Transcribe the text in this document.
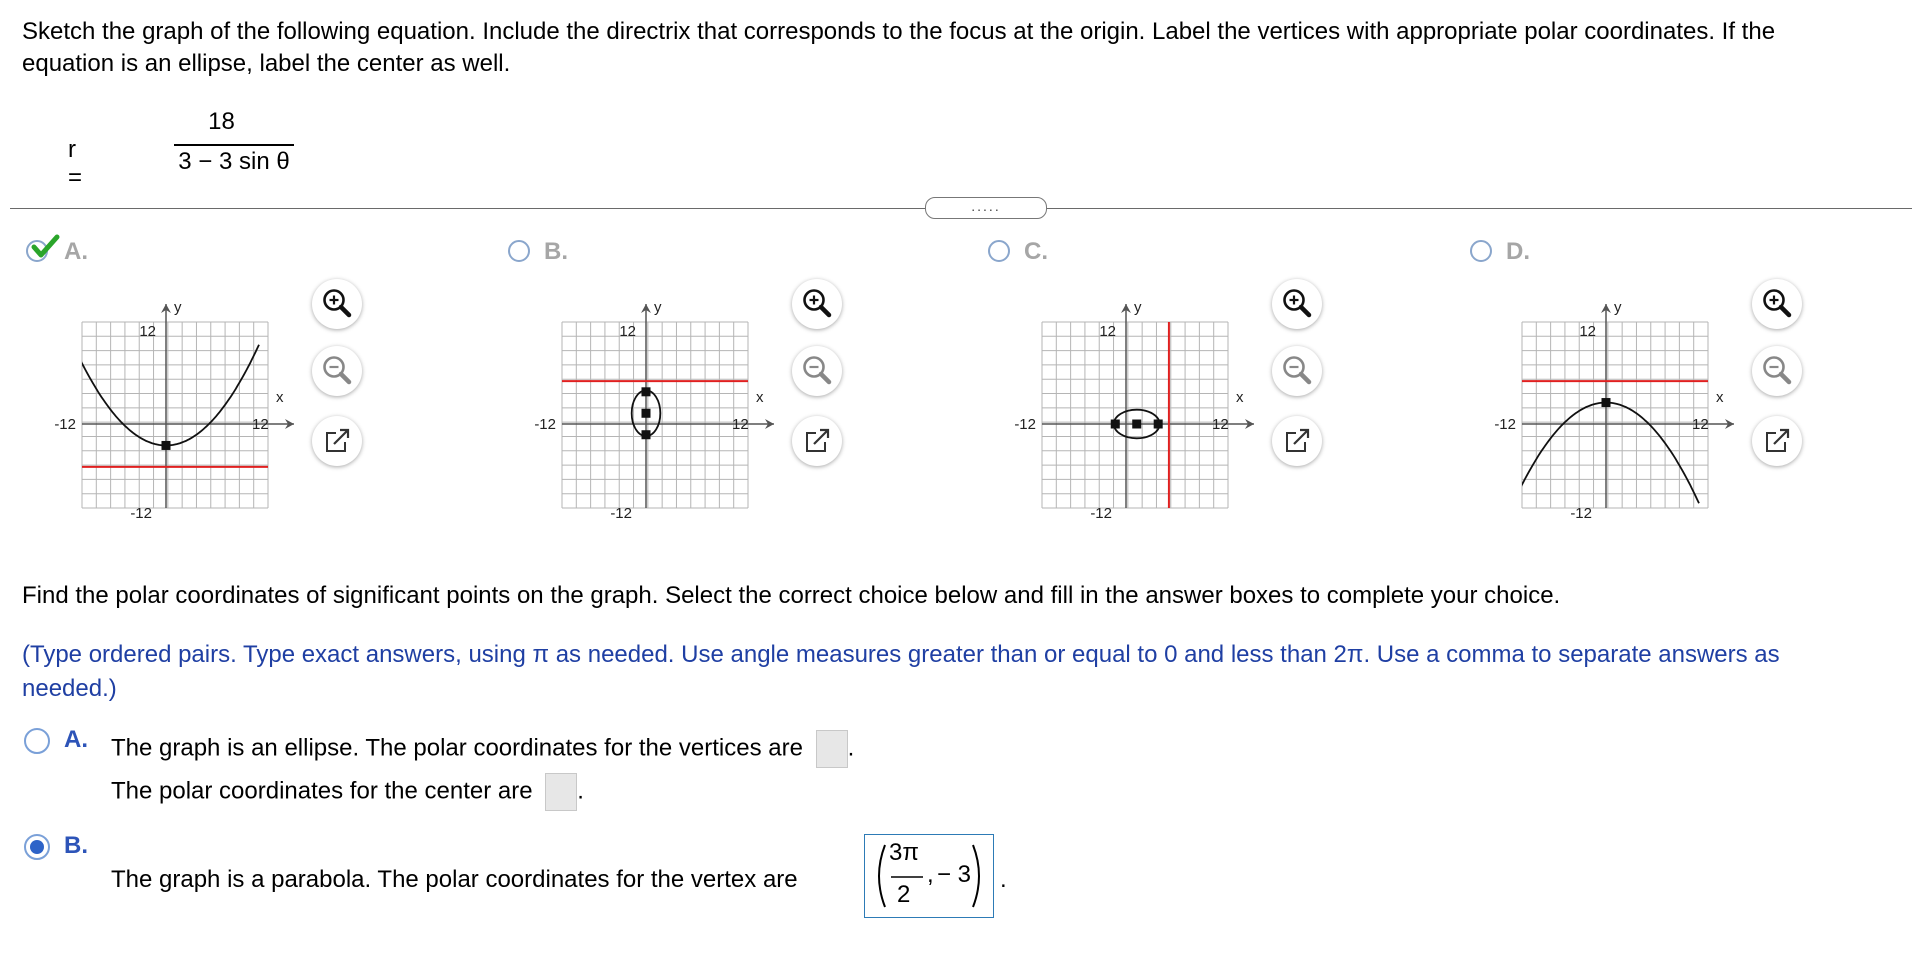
Sketch the graph of the following equation. Include the directrix that corresponds to the focus at the origin. Label the vertices with appropriate polar coordinates. If the
equation is an ellipse, label the center as well.
r =
18
3 − 3 sin θ
.....
A.	B.	C.	D.
y
x
12
-12
-12	12
y
x
12
-12
-12	12
y
x
12
-12
-12	12
y
x
12
-12
-12	12
Find the polar coordinates of significant points on the graph. Select the correct choice below and fill in the answer boxes to complete your choice.
(Type ordered pairs. Type exact answers, using π as needed. Use angle measures greater than or equal to 0 and less than 2π. Use a comma to separate answers as
needed.)
A. The graph is an ellipse. The polar coordinates for the vertices are .
The polar coordinates for the center are .
B.
The graph is a parabola. The polar coordinates for the vertex are
3π
2
, − 3 .
